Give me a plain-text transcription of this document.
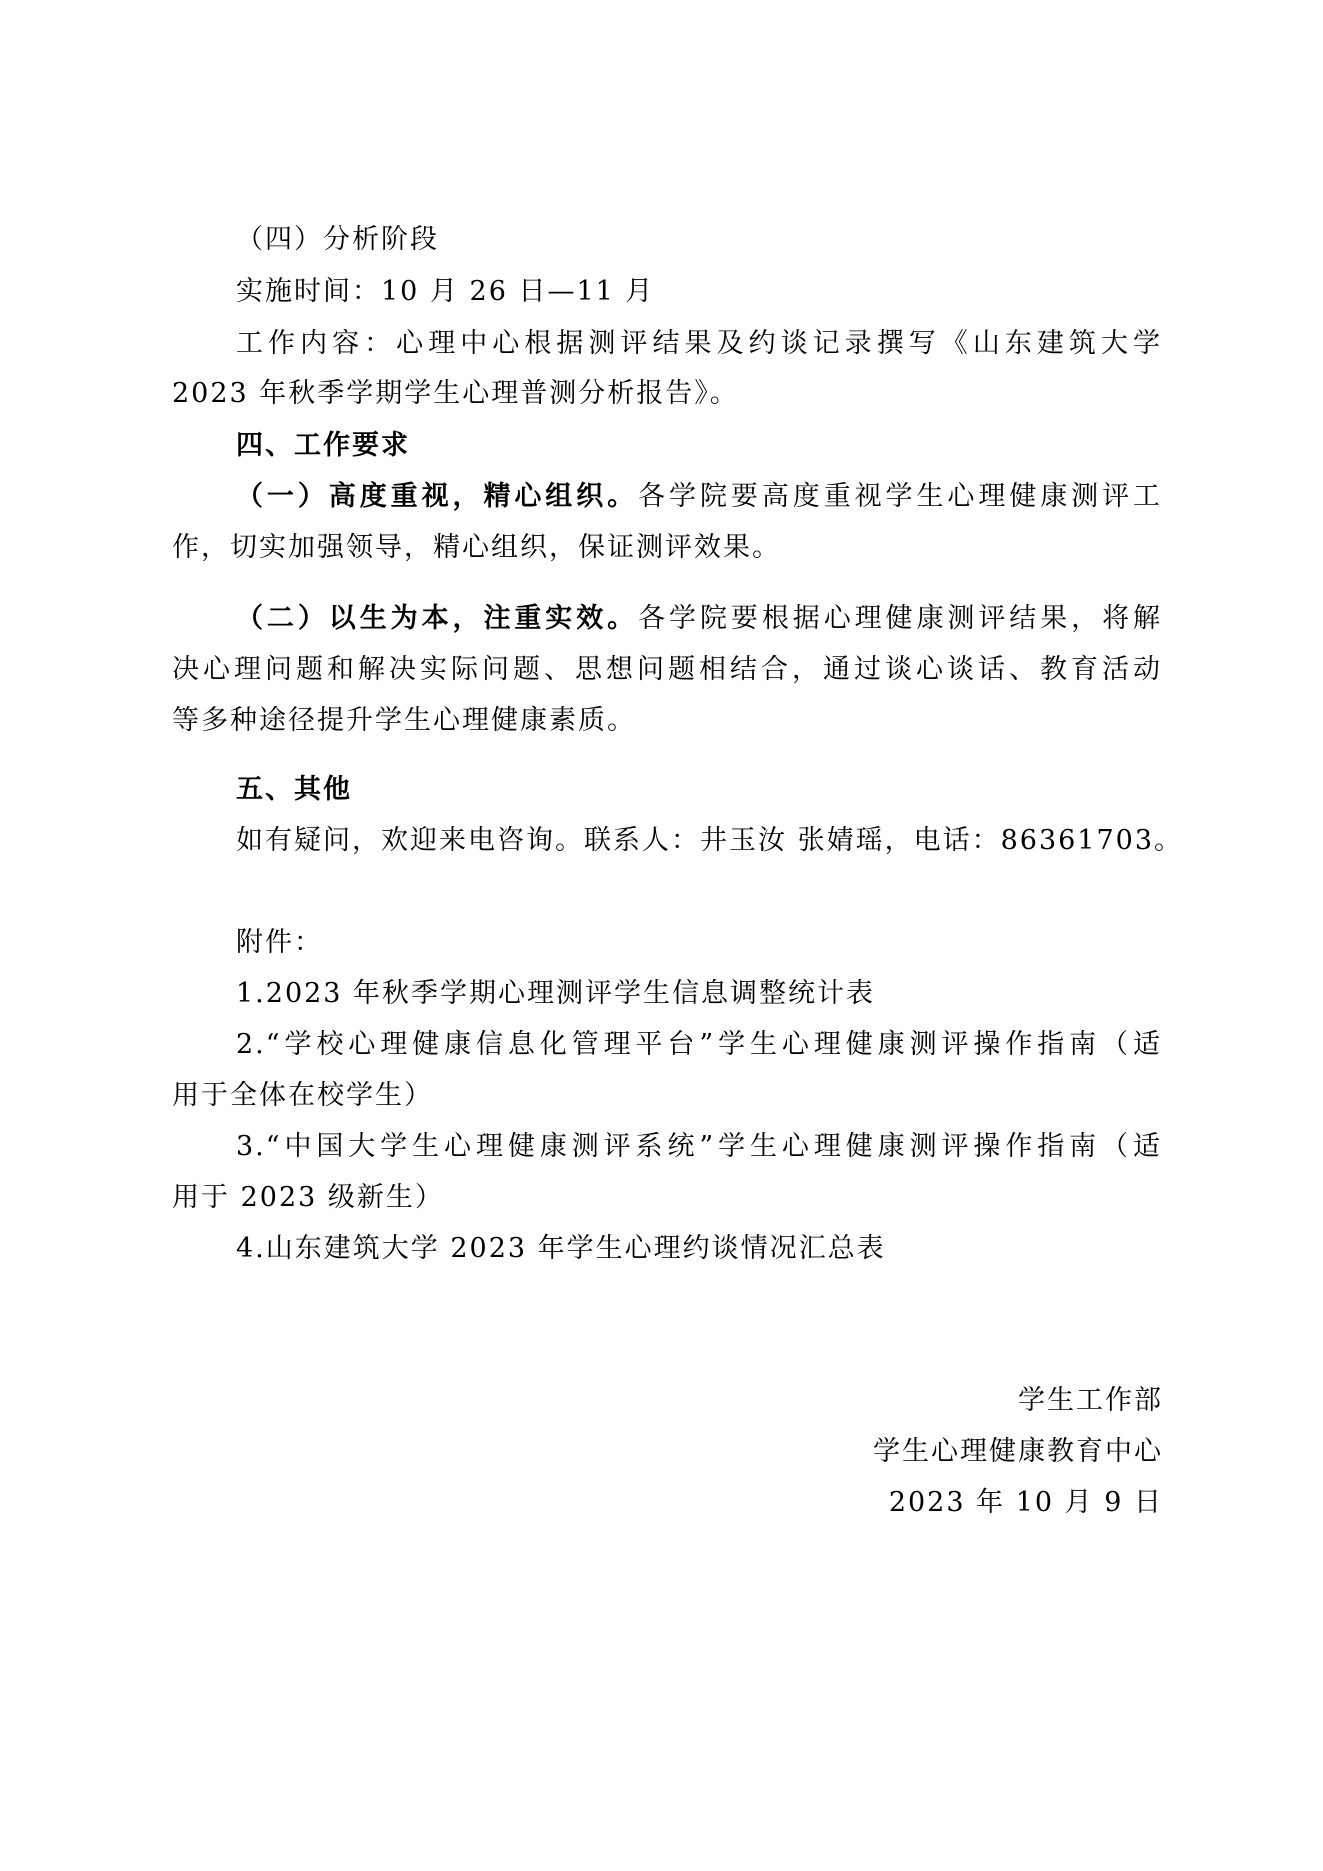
（四）分析阶段
实施时间：10 月 26 日—11 月
工作内容：心理中心根据测评结果及约谈记录撰写《山东建筑大学
2023 年秋季学期学生心理普测分析报告》。
四、工作要求
（一）高度重视，精心组织。各学院要高度重视学生心理健康测评工
作，切实加强领导，精心组织，保证测评效果。
（二）以生为本，注重实效。各学院要根据心理健康测评结果，将解
决心理问题和解决实际问题、思想问题相结合，通过谈心谈话、教育活动
等多种途径提升学生心理健康素质。
五、其他
如有疑问，欢迎来电咨询。联系人：井玉汝 张婧瑶，电话：86361703。
附件：
1.2023 年秋季学期心理测评学生信息调整统计表
2.“学校心理健康信息化管理平台”学生心理健康测评操作指南（适
用于全体在校学生）
3.“中国大学生心理健康测评系统”学生心理健康测评操作指南（适
用于 2023 级新生）
4.山东建筑大学 2023 年学生心理约谈情况汇总表
学生工作部
学生心理健康教育中心
2023 年 10 月 9 日
